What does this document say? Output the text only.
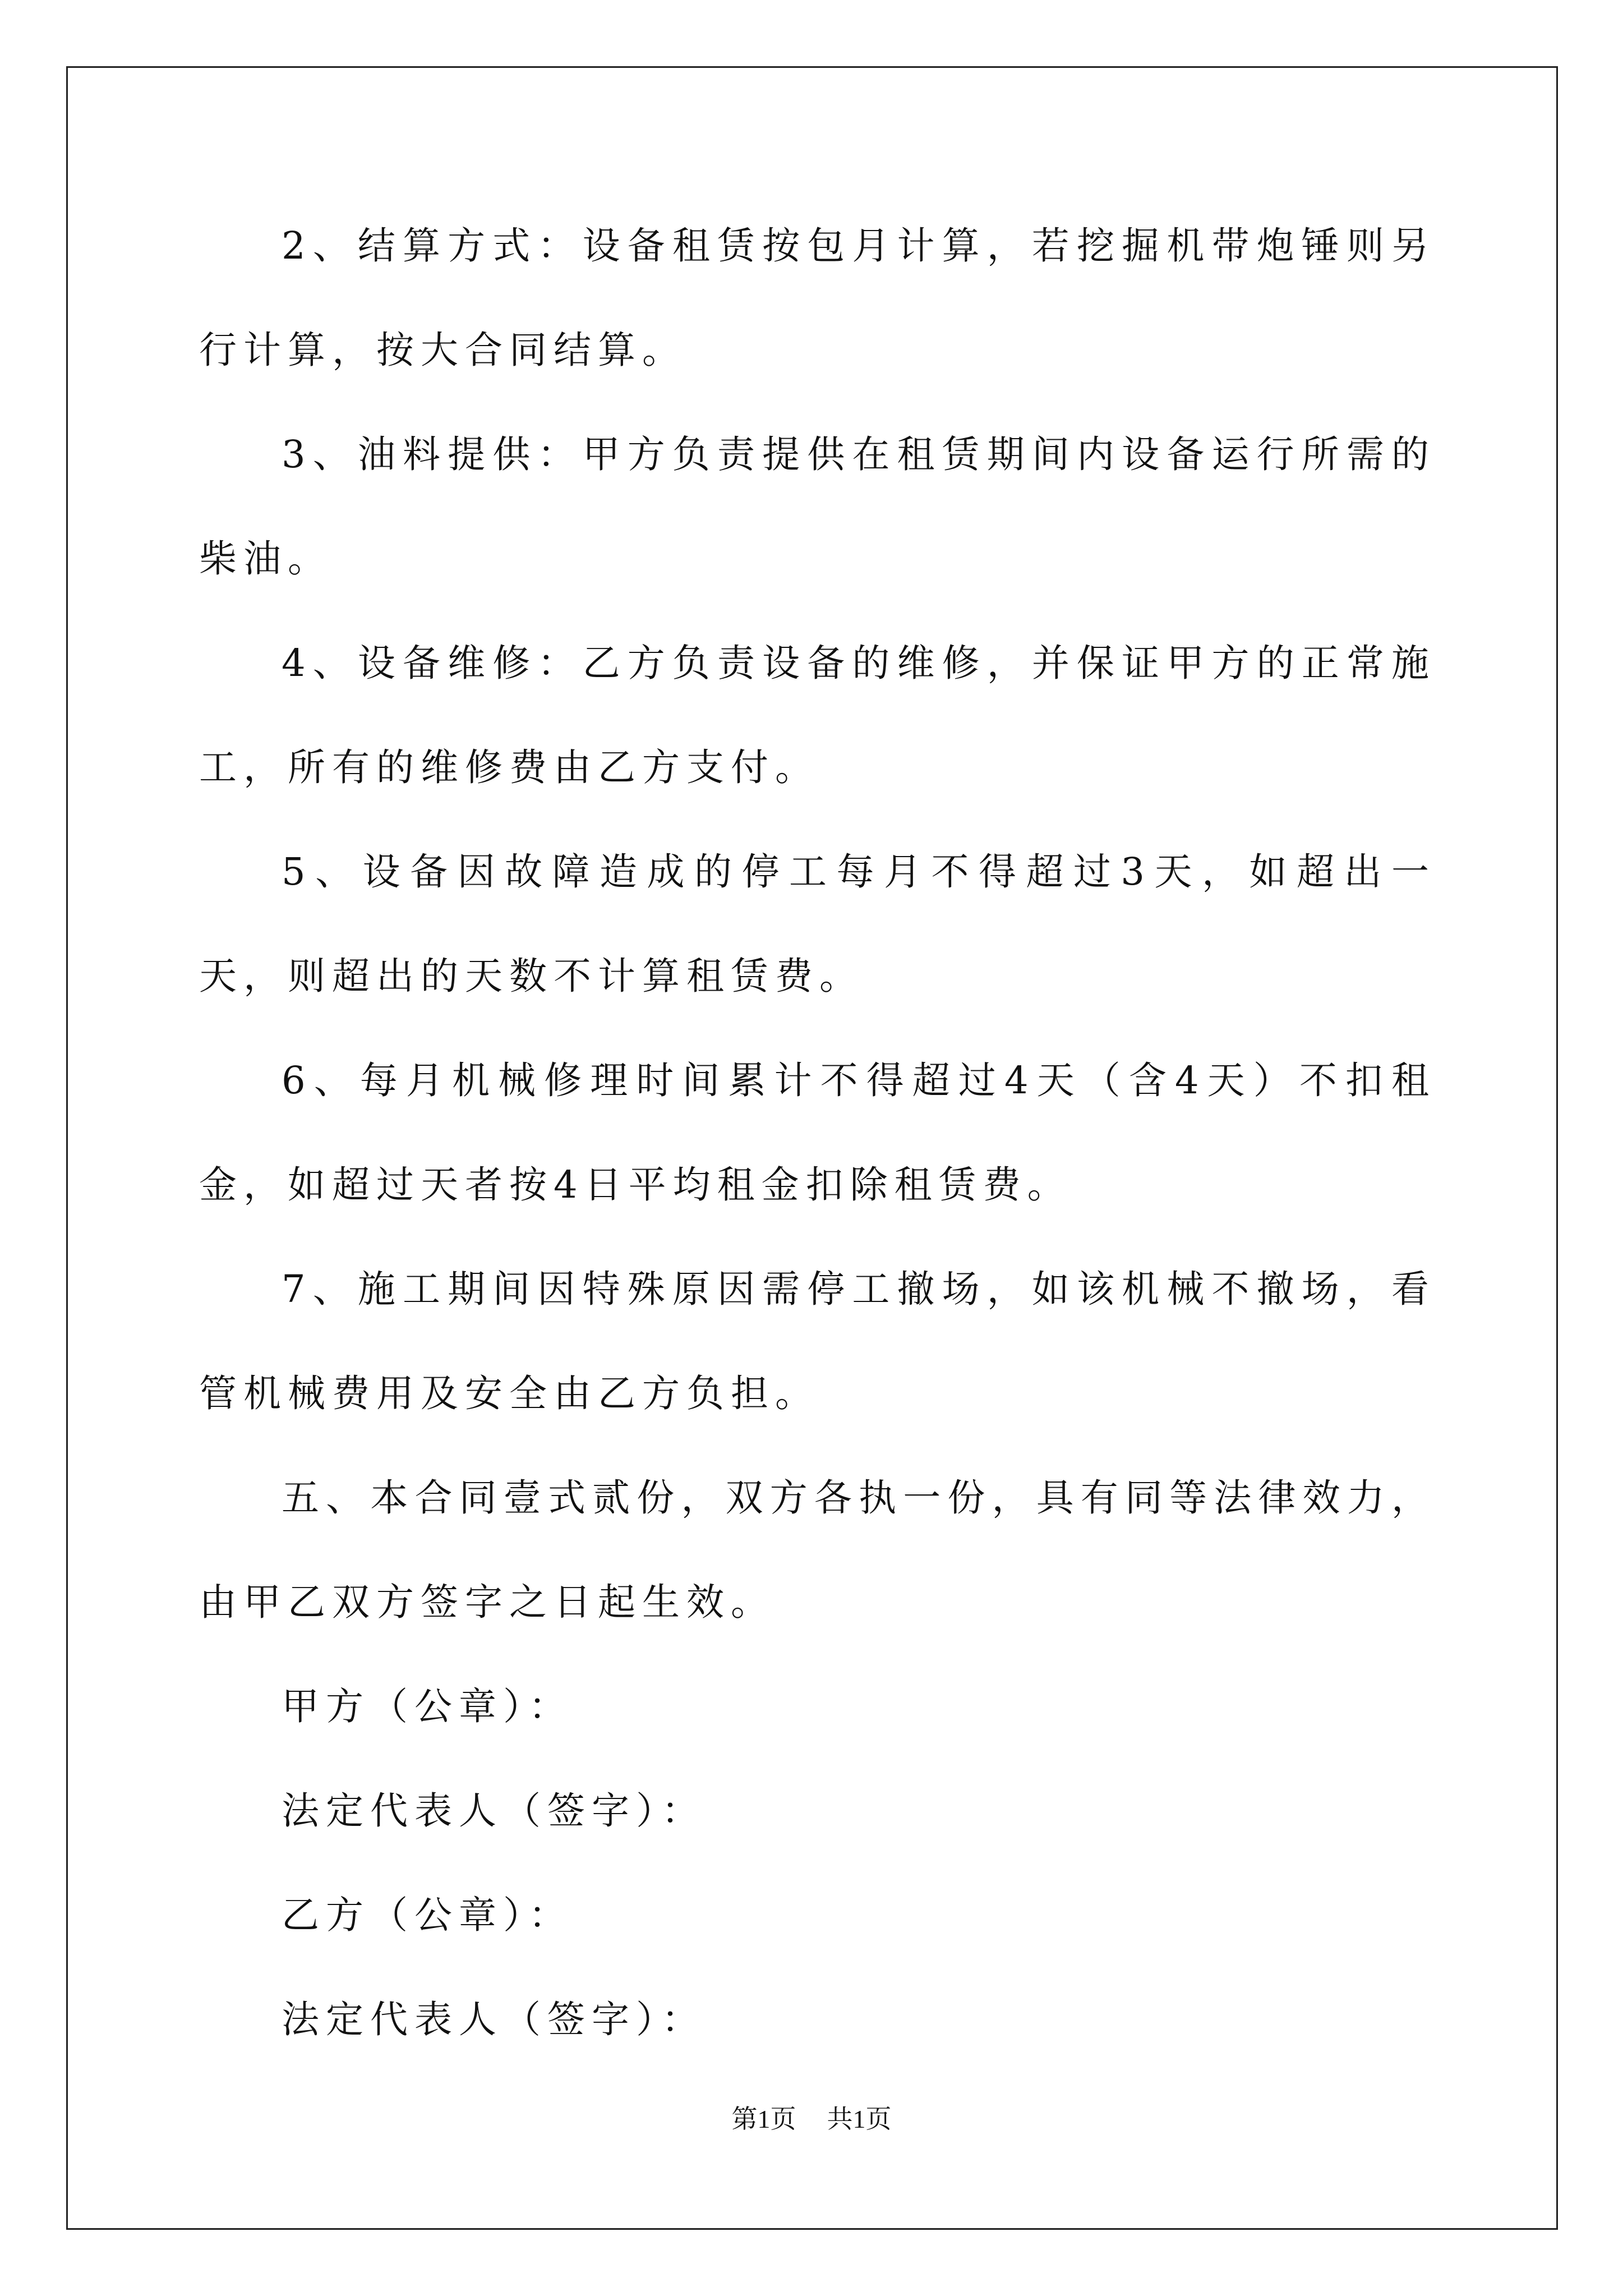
2、结算方式：设备租赁按包月计算，若挖掘机带炮锤则另行计算，按大合同结算。

3、油料提供：甲方负责提供在租赁期间内设备运行所需的柴油。

4、设备维修：乙方负责设备的维修，并保证甲方的正常施工，所有的维修费由乙方支付。

5、设备因故障造成的停工每月不得超过3天，如超出一天，则超出的天数不计算租赁费。

6、每月机械修理时间累计不得超过4天（含4天）不扣租金，如超过天者按4日平均租金扣除租赁费。

7、施工期间因特殊原因需停工撤场，如该机械不撤场，看管机械费用及安全由乙方负担。

五、本合同壹式贰份，双方各执一份，具有同等法律效力，由甲乙双方签字之日起生效。

甲方（公章）：

法定代表人（签字）：

乙方（公章）：

法定代表人（签字）：

第1页 共1页
